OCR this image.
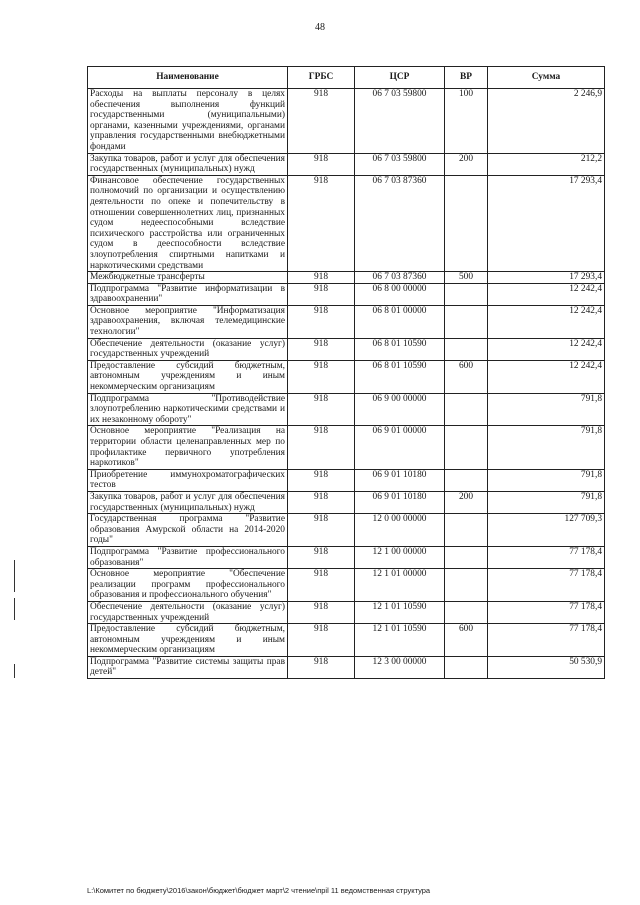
48
Наименование	ГРБС	ЦСР	ВР	Сумма
Расходы на выплаты персоналу в целях обеспечения выполнения функций государственными (муниципальными) органами, казенными учреждениями, органами управления государственными внебюджетными фондами	918	06 7 03 59800	100	2 246,9
Закупка товаров, работ и услуг для обеспечения государственных (муниципальных) нужд	918	06 7 03 59800	200	212,2
Финансовое обеспечение государственных полномочий по организации и осуществлению деятельности по опеке и попечительству в отношении совершеннолетних лиц, признанных судом недееспособными вследствие психического расстройства или ограниченных судом в дееспособности вследствие злоупотребления спиртными напитками и наркотическими средствами	918	06 7 03 87360		17 293,4
Межбюджетные трансферты	918	06 7 03 87360	500	17 293,4
Подпрограмма "Развитие информатизации в здравоохранении"	918	06 8 00 00000		12 242,4
Основное мероприятие "Информатизация здравоохранения, включая телемедицинские технологии"	918	06 8 01 00000		12 242,4
Обеспечение деятельности (оказание услуг) государственных учреждений	918	06 8 01 10590		12 242,4
Предоставление субсидий бюджетным, автономным учреждениям и иным некоммерческим организациям	918	06 8 01 10590	600	12 242,4
Подпрограмма "Противодействие злоупотреблению наркотическими средствами и их незаконному обороту"	918	06 9 00 00000		791,8
Основное мероприятие "Реализация на территории области целенаправленных мер по профилактике первичного употребления наркотиков"	918	06 9 01 00000		791,8
Приобретение иммунохроматографических тестов	918	06 9 01 10180		791,8
Закупка товаров, работ и услуг для обеспечения государственных (муниципальных) нужд	918	06 9 01 10180	200	791,8
Государственная программа "Развитие образования Амурской области на 2014-2020 годы"	918	12 0 00 00000		127 709,3
Подпрограмма "Развитие профессионального образования"	918	12 1 00 00000		77 178,4
Основное мероприятие "Обеспечение реализации программ профессионального образования и профессионального обучения"	918	12 1 01 00000		77 178,4
Обеспечение деятельности (оказание услуг) государственных учреждений	918	12 1 01 10590		77 178,4
Предоставление субсидий бюджетным, автономным учреждениям и иным некоммерческим организациям	918	12 1 01 10590	600	77 178,4
Подпрограмма "Развитие системы защиты прав детей"	918	12 3 00 00000		50 530,9
L:\Комитет по бюджету\2016\закон\бюджет\бюджет март\2 чтение\прil 11 ведомственная структура
